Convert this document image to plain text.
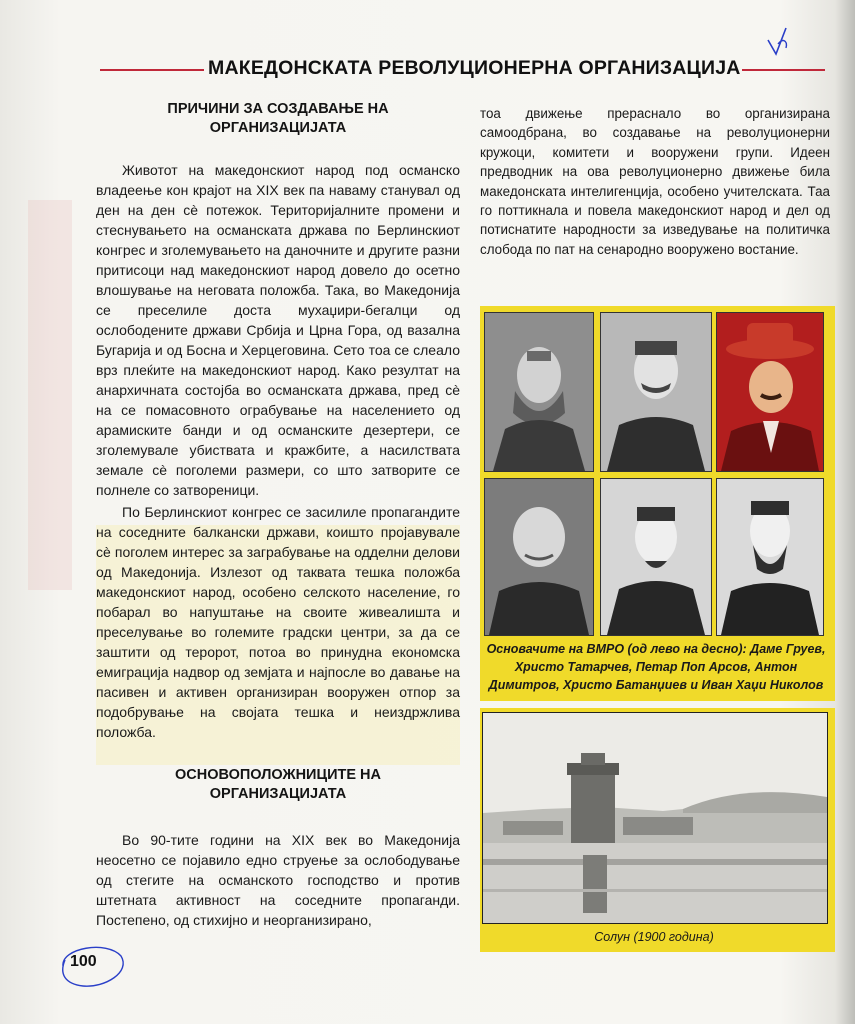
МАКЕДОНСКАТА РЕВОЛУЦИОНЕРНА ОРГАНИЗАЦИЈА
ПРИЧИНИ ЗА СОЗДАВАЊЕ НА
ОРГАНИЗАЦИЈАТА

Животот на македонскиот народ под османско владеење кон крајот на XIX век па наваму станувал од ден на ден сè потежок. Територијалните промени и стеснувањето на османската држава по Берлинскиот конгрес и зголемувањето на даночните и другите разни притисоци над македонскиот народ довело до осетно влошување на неговата положба. Така, во Македонија се преселиле доста мухаџири-бегалци од ослободените држави Србија и Црна Гора, од вазална Бугарија и од Босна и Херцеговина. Сето тоа се слеало врз плеќите на македонскиот народ. Како резултат на анархичната состојба во османската држава, пред сè на се помасовното ограбување на населението од арамиските банди и од османските дезертери, се зголемувале убиствата и кражбите, а насилствата земале сè поголеми размери, со што затворите се полнеле со затвореници.

По Берлинскиот конгрес се засилиле пропагандите на соседните балкански држави, коишто пројавувале сè поголем интерес за заграбување на одделни делови од Македонија. Излезот од таквата тешка положба македонскиот народ, особено селското население, го побарал во напуштање на своите живеалишта и преселување во големите градски центри, за да се заштити од теророт, потоа во принудна економска емиграција надвор од земјата и најпосле во давање на пасивен и активен организиран вооружен отпор за подобрување на својата тешка и неиздржлива положба.

ОСНОВОПОЛОЖНИЦИТЕ НА
ОРГАНИЗАЦИЈАТА

Во 90-тите години на XIX век во Македонија неосетно се појавило едно струење за ослободување од стегите на османското господство и против штетната активност на соседните пропаганди. Постепено, од стихијно и неорганизирано,

тоа движење прераснало во организирана самоодбрана, во создавање на револуционерни кружоци, комитети и вооружени групи. Идеен предводник на ова револуционерно движење била македонската интелигенција, особено учителската. Таа го поттикнала и повела македонскиот народ и дел од потиснатите народности за изведување на политичка слобода по пат на сенародно вооружено востание.

Основачите на ВМРО (од лево на десно): Даме Груев, Христо Татарчев, Петар Поп Арсов, Антон Димитров, Христо Батанџиев и Иван Хаџи Николов
Солун (1900 година)
100
